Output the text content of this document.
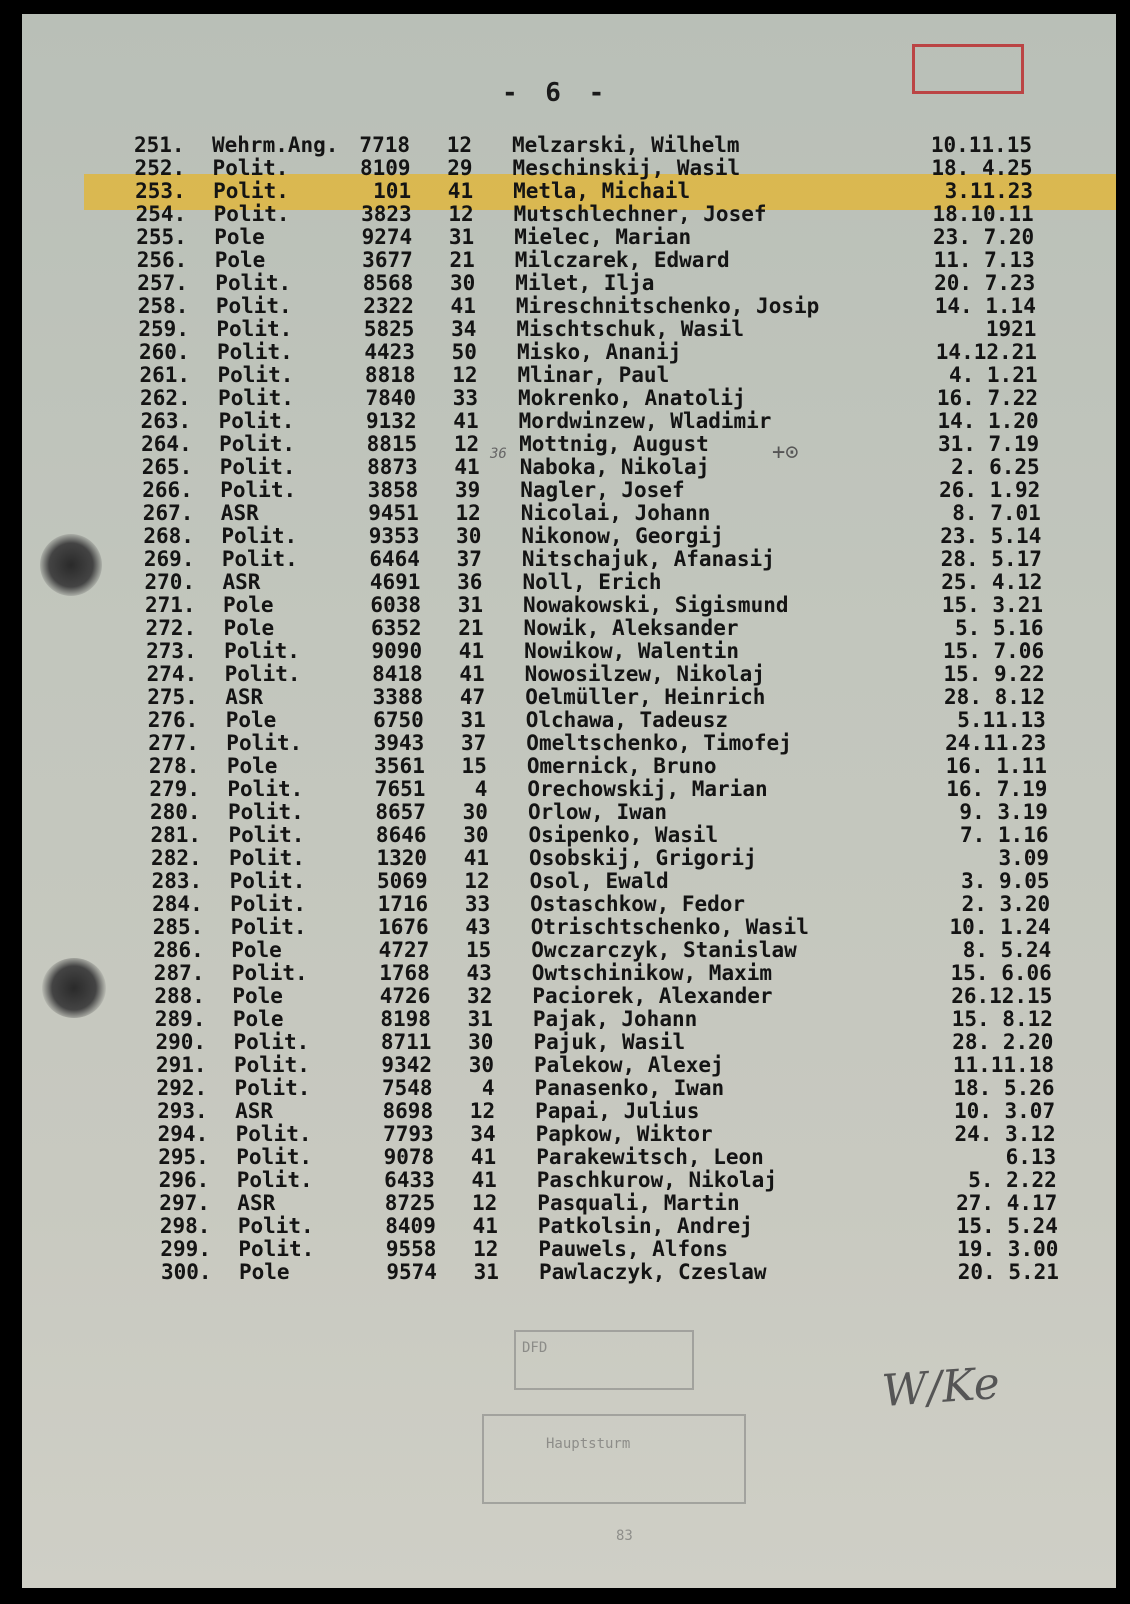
- 6 -
251.	Wehrm.Ang. 7718 12 Melzarski, Wilhelm	10.11.15
252.	Polit.	8109 29 Meschinskij, Wasil	18. 4.25
253.	Polit.	101 41 Metla, Michail	3.11.23
254.	Polit.	3823 12 Mutschlechner, Josef	18.10.11
255.	Pole	9274 31 Mielec, Marian	23. 7.20
256.	Pole	3677 21 Milczarek, Edward	11. 7.13
257.	Polit.	8568 30 Milet, Ilja	20. 7.23
258.	Polit.	2322 41 Mireschnitschenko, Josip	14. 1.14
259.	Polit.	5825 34 Mischtschuk, Wasil	1921
260.	Polit.	4423 50 Misko, Ananij	14.12.21
261.	Polit.	8818 12 Mlinar, Paul	4. 1.21
262.	Polit.	7840 33 Mokrenko, Anatolij	16. 7.22
263.	Polit.	9132 41 Mordwinzew, Wladimir	14. 1.20
264.	Polit.	8815 12 Mottnig, August	31. 7.19
265.	Polit.	8873 41 Naboka, Nikolaj	2. 6.25
266.	Polit.	3858 39 Nagler, Josef	26. 1.92
267.	ASR	9451 12 Nicolai, Johann	8. 7.01
268.	Polit.	9353 30 Nikonow, Georgij	23. 5.14
269.	Polit.	6464 37 Nitschajuk, Afanasij	28. 5.17
270.	ASR	4691 36 Noll, Erich	25. 4.12
271.	Pole	6038 31 Nowakowski, Sigismund	15. 3.21
272.	Pole	6352 21 Nowik, Aleksander	5. 5.16
273.	Polit.	9090 41 Nowikow, Walentin	15. 7.06
274.	Polit.	8418 41 Nowosilzew, Nikolaj	15. 9.22
275.	ASR	3388 47 Oelmüller, Heinrich	28. 8.12
276.	Pole	6750 31 Olchawa, Tadeusz	5.11.13
277.	Polit.	3943 37 Omeltschenko, Timofej	24.11.23
278.	Pole	3561 15 Omernick, Bruno	16. 1.11
279.	Polit.	7651	4 Orechowskij, Marian	16. 7.19
280.	Polit.	8657 30 Orlow, Iwan	9. 3.19
281.	Polit.	8646 30 Osipenko, Wasil	7. 1.16
282.	Polit.	1320 41 Osobskij, Grigorij	3.09
283.	Polit.	5069 12 Osol, Ewald	3. 9.05
284.	Polit.	1716 33 Ostaschkow, Fedor	2. 3.20
285.	Polit.	1676 43 Otrischtschenko, Wasil	10. 1.24
286.	Pole	4727 15 Owczarczyk, Stanislaw	8. 5.24
287.	Polit.	1768 43 Owtschinikow, Maxim	15. 6.06
288.	Pole	4726 32 Paciorek, Alexander	26.12.15
289.	Pole	8198 31 Pajak, Johann	15. 8.12
290.	Polit.	8711 30 Pajuk, Wasil	28. 2.20
291.	Polit.	9342 30 Palekow, Alexej	11.11.18
292.	Polit.	7548	4 Panasenko, Iwan	18. 5.26
293.	ASR	8698 12 Papai, Julius	10. 3.07
294.	Polit.	7793 34 Papkow, Wiktor	24. 3.12
295.	Polit.	9078 41 Parakewitsch, Leon	6.13
296.	Polit.	6433 41 Paschkurow, Nikolaj	5. 2.22
297.	ASR	8725 12 Pasquali, Martin	27. 4.17
298.	Polit.	8409 41 Patkolsin, Andrej	15. 5.24
299.	Polit.	9558 12 Pauwels, Alfons	19. 3.00
300.	Pole	9574 31 Pawlaczyk, Czeslaw	20. 5.21
36	+⊙
DFD
Hauptsturm
83
W/Ke
